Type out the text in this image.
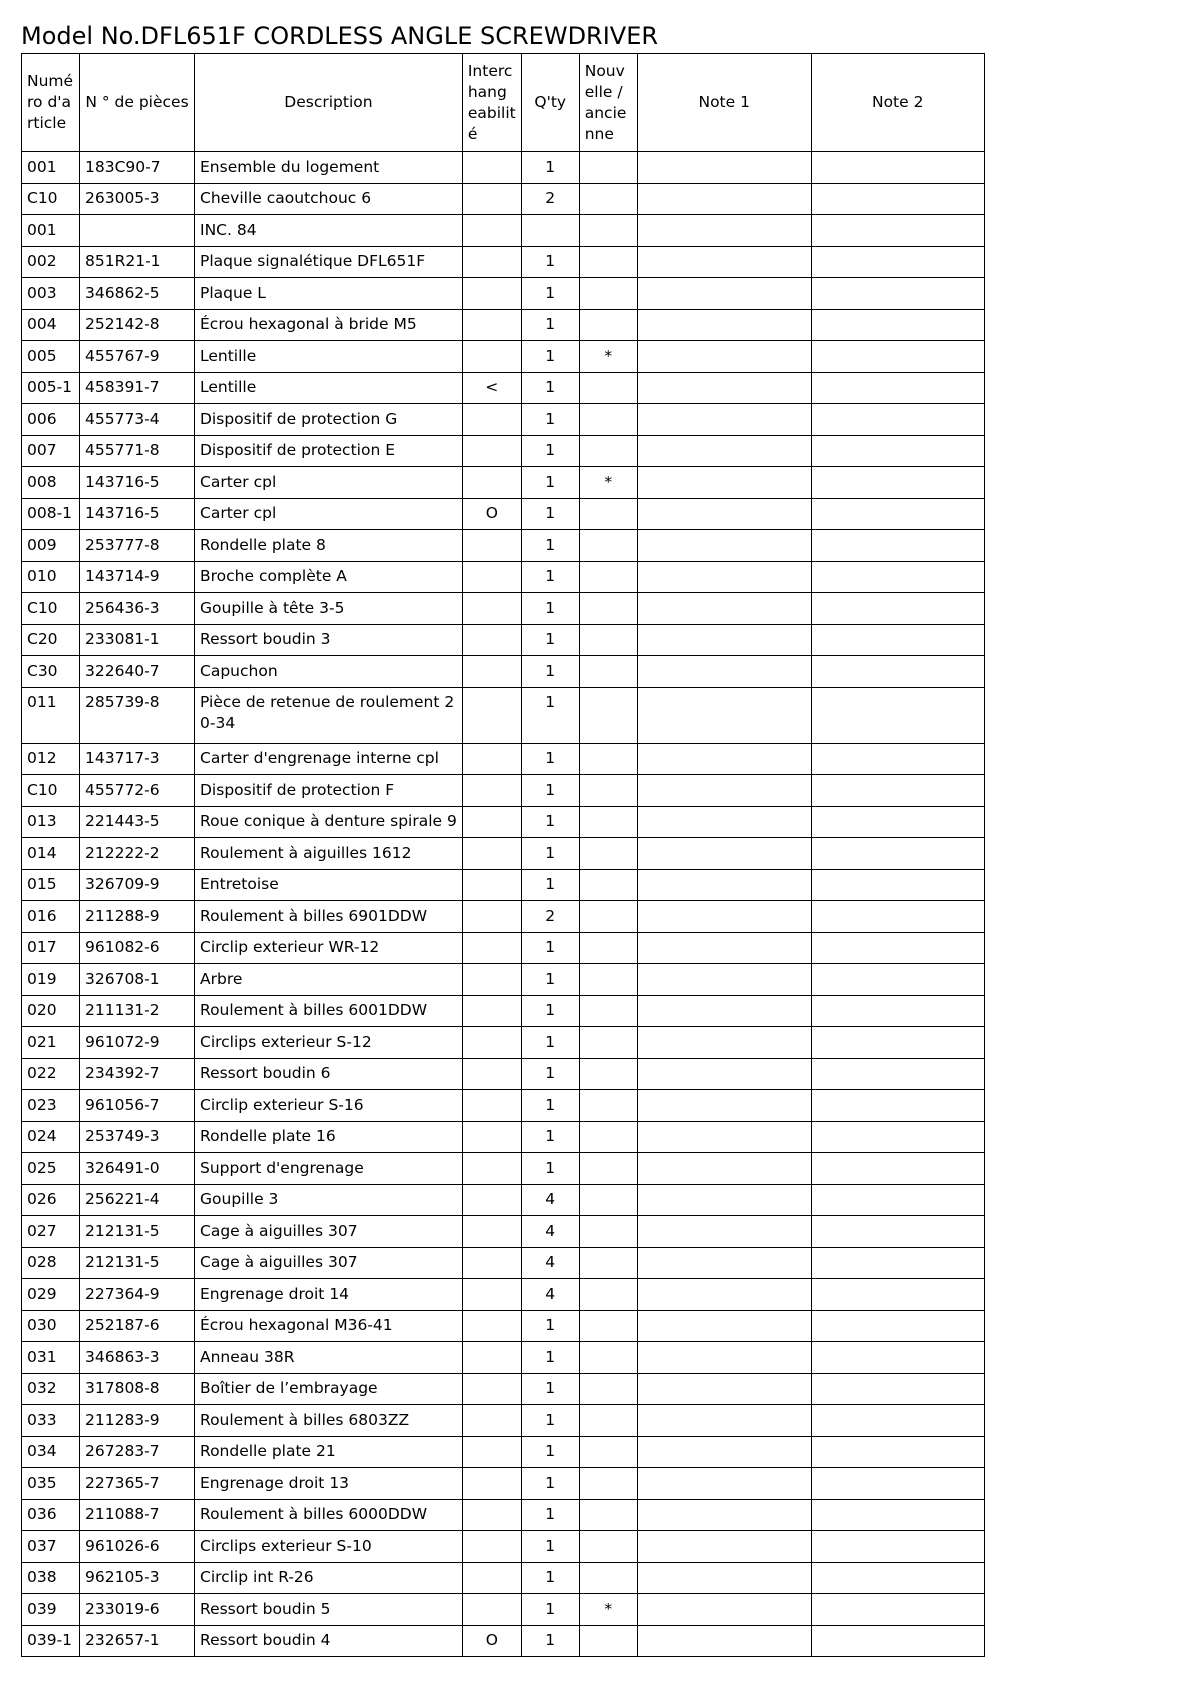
Model No.DFL651F CORDLESS ANGLE SCREWDRIVER
Numé ro d'a rticle	N ° de pièces	Description	Interc hang eabilit é	Q'ty	Nouv elle / ancie nne	Note 1	Note 2
001	183C90-7	Ensemble du logement		1			
C10	263005-3	Cheville caoutchouc 6		2			
001		INC. 84					
002	851R21-1	Plaque signalétique DFL651F		1			
003	346862-5	Plaque L		1			
004	252142-8	Écrou hexagonal à bride M5		1			
005	455767-9	Lentille		1	*		
005-1	458391-7	Lentille	<	1			
006	455773-4	Dispositif de protection G		1			
007	455771-8	Dispositif de protection E		1			
008	143716-5	Carter cpl		1	*		
008-1	143716-5	Carter cpl	O	1			
009	253777-8	Rondelle plate 8		1			
010	143714-9	Broche complète A		1			
C10	256436-3	Goupille à tête 3-5		1			
C20	233081-1	Ressort boudin 3		1			
C30	322640-7	Capuchon		1			
011	285739-8	Pièce de retenue de roulement 2 0-34		1			
012	143717-3	Carter d'engrenage interne cpl		1			
C10	455772-6	Dispositif de protection F		1			
013	221443-5	Roue conique à denture spirale 9		1			
014	212222-2	Roulement à aiguilles 1612		1			
015	326709-9	Entretoise		1			
016	211288-9	Roulement à billes 6901DDW		2			
017	961082-6	Circlip exterieur WR-12		1			
019	326708-1	Arbre		1			
020	211131-2	Roulement à billes 6001DDW		1			
021	961072-9	Circlips exterieur S-12		1			
022	234392-7	Ressort boudin 6		1			
023	961056-7	Circlip exterieur S-16		1			
024	253749-3	Rondelle plate 16		1			
025	326491-0	Support d'engrenage		1			
026	256221-4	Goupille 3		4			
027	212131-5	Cage à aiguilles 307		4			
028	212131-5	Cage à aiguilles 307		4			
029	227364-9	Engrenage droit 14		4			
030	252187-6	Écrou hexagonal M36-41		1			
031	346863-3	Anneau 38R		1			
032	317808-8	Boîtier de l’embrayage		1			
033	211283-9	Roulement à billes 6803ZZ		1			
034	267283-7	Rondelle plate 21		1			
035	227365-7	Engrenage droit 13		1			
036	211088-7	Roulement à billes 6000DDW		1			
037	961026-6	Circlips exterieur S-10		1			
038	962105-3	Circlip int R-26		1			
039	233019-6	Ressort boudin 5		1	*		
039-1	232657-1	Ressort boudin 4	O	1			
